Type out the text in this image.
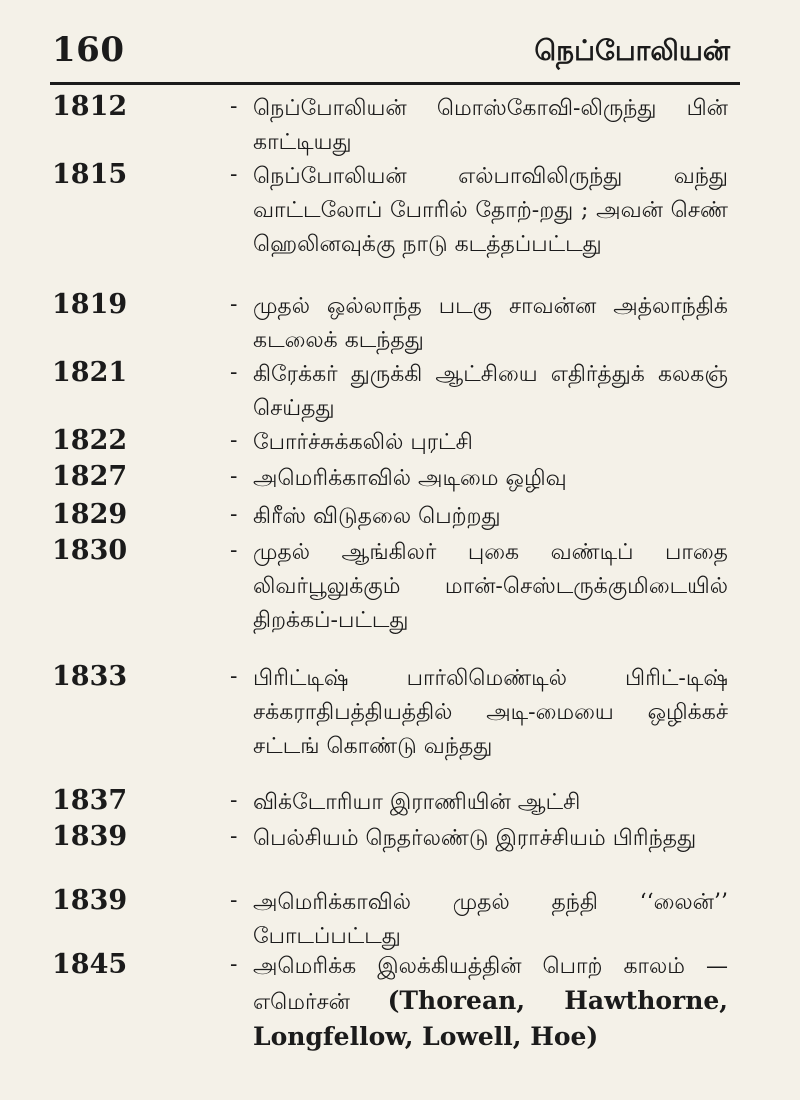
160	நெப்போலியன்
1812	- நெப்போலியன் மொஸ்கோவி-லிருந்து பின் காட்டியது
1815	- நெப்போலியன் எல்பாவிலிருந்து வந்து வாட்டலோப் போரில் தோற்-றது ; அவன் செண் ஹெலினவுக்கு நாடு கடத்தப்பட்டது
1819	- முதல் ஒல்லாந்த படகு சாவன்ன அத்லாந்திக் கடலைக் கடந்தது
1821	- கிரேக்கர் துருக்கி ஆட்சியை எதிர்த்துக் கலகஞ் செய்தது
1822	- போர்ச்சுக்கலில் புரட்சி
1827	- அமெரிக்காவில் அடிமை ஒழிவு
1829	- கிரீஸ் விடுதலை பெற்றது
1830	- முதல் ஆங்கிலர் புகை வண்டிப் பாதை லிவர்பூலுக்கும் மான்-செஸ்டருக்குமிடையில் திறக்கப்-பட்டது
1833	- பிரிட்டிஷ் பார்லிமெண்டில் பிரிட்-டிஷ் சக்கராதிபத்தியத்தில் அடி-மையை ஒழிக்கச் சட்டங் கொண்டு வந்தது
1837	- விக்டோரியா இராணியின் ஆட்சி
1839	- பெல்சியம் நெதர்லண்டு இராச்சியம் பிரிந்தது
1839	- அமெரிக்காவில் முதல் தந்தி ‘‘லைன்’’ போடப்பட்டது
1845	- அமெரிக்க இலக்கியத்தின் பொற் காலம் — எமெர்சன் (Thorean, Hawthorne, Longfellow, Lowell, Hoe)
